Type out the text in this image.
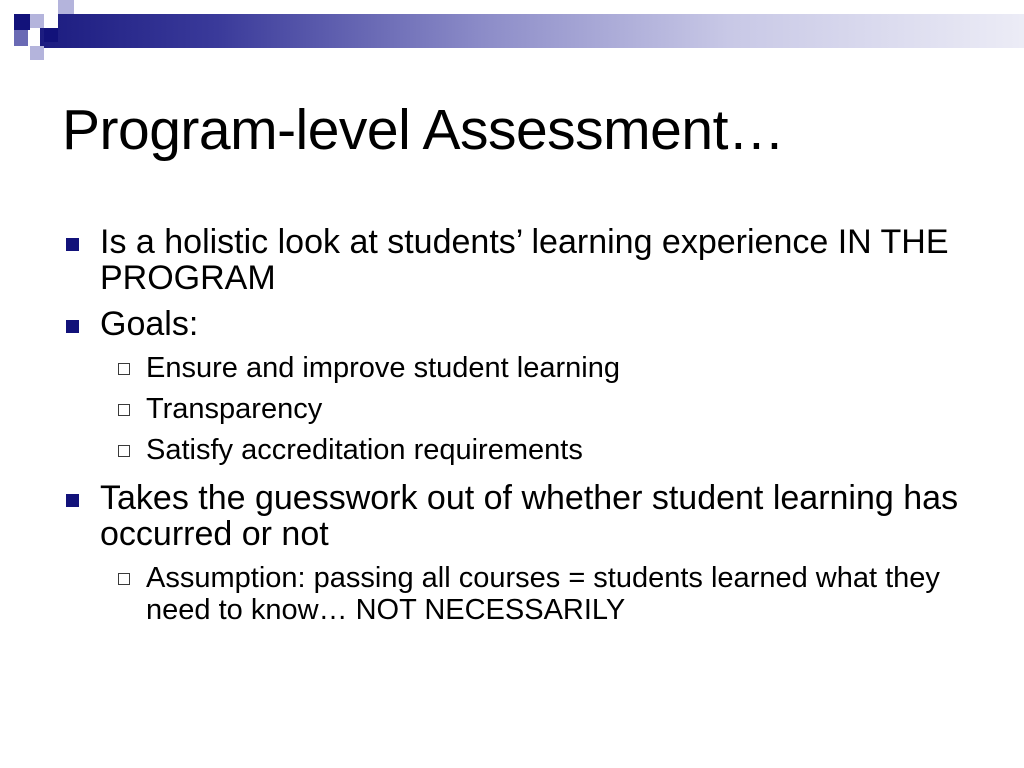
Program-level Assessment…
Is a holistic look at students’ learning experience IN THE PROGRAM
Goals:
Ensure and improve student learning
Transparency
Satisfy accreditation requirements
Takes the guesswork out of whether student learning has occurred or not
Assumption: passing all courses = students learned what they need to know… NOT NECESSARILY
